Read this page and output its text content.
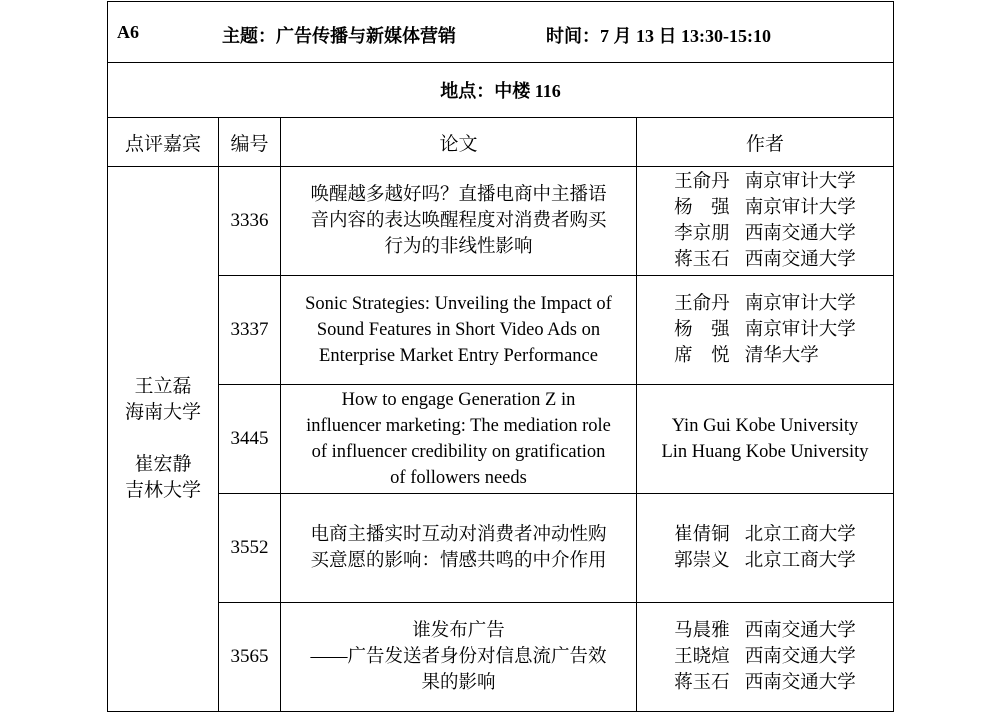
A6 主题：广告传播与新媒体营销 时间：7 月 13 日 13:30-15:10			

地点：中楼 116			
点评嘉宾	编号	论文	作者

王立磊
海南大学
崔宏静
吉林大学	3336	唤醒越多越好吗？直播电商中主播语
音内容的表达唤醒程度对消费者购买
行为的非线性影响	王俞丹 南京审计大学
杨　强 南京审计大学
李京朋 西南交通大学
蒋玉石 西南交通大学

	3337	Sonic Strategies: Unveiling the Impact of
Sound Features in Short Video Ads on
Enterprise Market Entry Performance	王俞丹 南京审计大学
杨　强 南京审计大学
席　悦 清华大学

	3445	How to engage Generation Z in
influencer marketing: The mediation role
of influencer credibility on gratification
of followers needs	Yin Gui Kobe University
Lin Huang Kobe University

	3552	电商主播实时互动对消费者冲动性购
买意愿的影响：情感共鸣的中介作用	崔倩铜 北京工商大学
郭崇义 北京工商大学

	3565	谁发布广告
——广告发送者身份对信息流广告效
果的影响	马晨雅 西南交通大学
王晓煊 西南交通大学
蒋玉石 西南交通大学
